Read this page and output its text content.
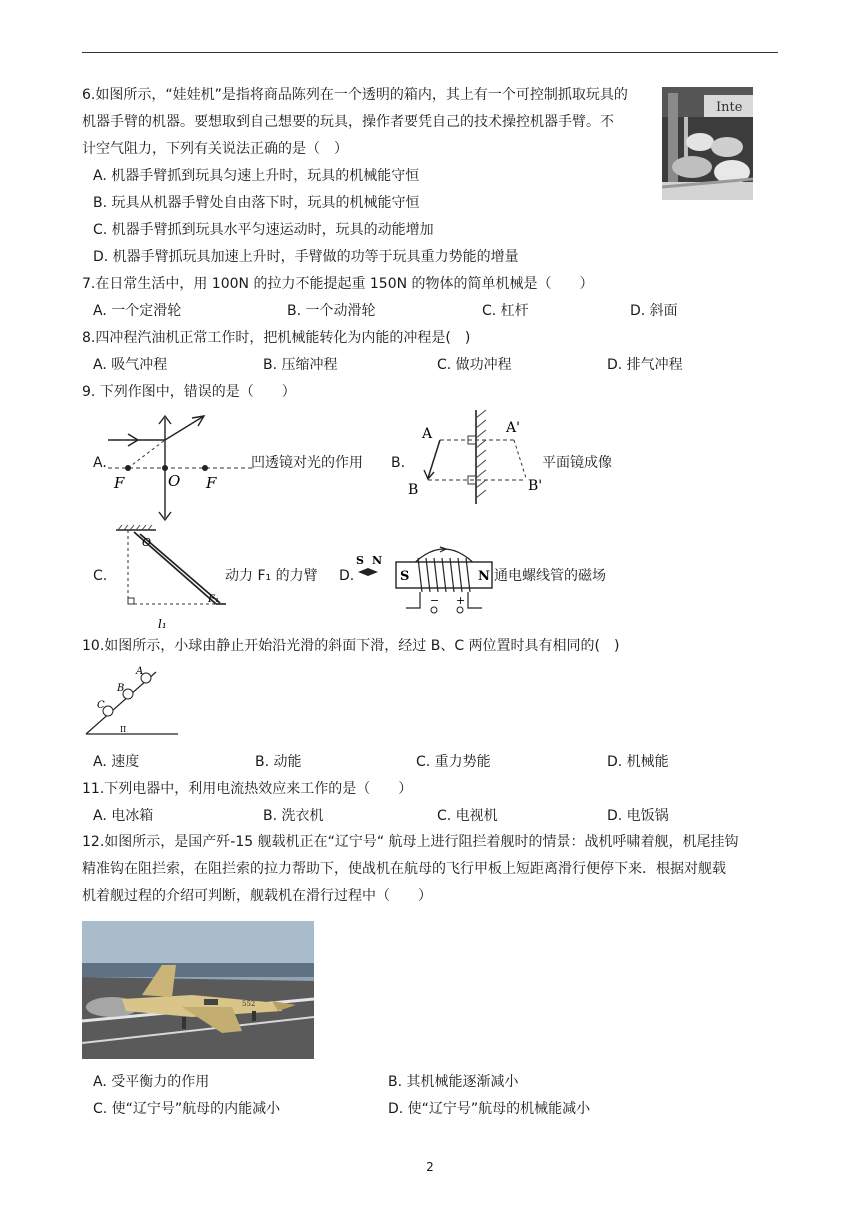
6.如图所示，“娃娃机”是指将商品陈列在一个透明的箱内，其上有一个可控制抓取玩具的
机器手臂的机器。要想取到自己想要的玩具，操作者要凭自己的技术操控机器手臂。不
计空气阻力，下列有关说法正确的是（　）
Inte
A. 机器手臂抓到玩具匀速上升时，玩具的机械能守恒
B. 玩具从机器手臂处自由落下时，玩具的机械能守恒
C. 机器手臂抓到玩具水平匀速运动时，玩具的动能增加
D. 机器手臂抓玩具加速上升时，手臂做的功等于玩具重力势能的增量
7.在日常生活中，用 100N 的拉力不能提起重 150N 的物体的简单机械是（　　）
A. 一个定滑轮	B. 一个动滑轮	C. 杠杆	D. 斜面
8.四冲程汽油机正常工作时，把机械能转化为内能的冲程是(　)
A. 吸气冲程	B. 压缩冲程	C. 做功冲程	D. 排气冲程
9. 下列作图中，错误的是（　　）
A.
F	O F
凹透镜对光的作用 B.
A	A'
B	B'
平面镜成像
C.
O
F₁
l₁
动力 F₁ 的力臂 D.
S N
S	N
− +
通电螺线管的磁场
10.如图所示，小球由静止开始沿光滑的斜面下滑，经过 B、C 两位置时具有相同的(　)
A
B
C
II
A. 速度	B. 动能	C. 重力势能	D. 机械能
11.下列电器中，利用电流热效应来工作的是（　　）
A. 电冰箱	B. 洗衣机	C. 电视机	D. 电饭锅
12.如图所示，是国产歼-15 舰载机正在“辽宁号“ 航母上进行阻拦着舰时的情景：战机呼啸着舰，机尾挂钩
精准钩在阻拦索，在阻拦索的拉力帮助下，使战机在航母的飞行甲板上短距离滑行便停下来．根据对舰载
机着舰过程的介绍可判断，舰载机在滑行过程中（　　）
552
A. 受平衡力的作用	B. 其机械能逐渐减小
C. 使“辽宁号”航母的内能减小	D. 使“辽宁号”航母的机械能减小
2
